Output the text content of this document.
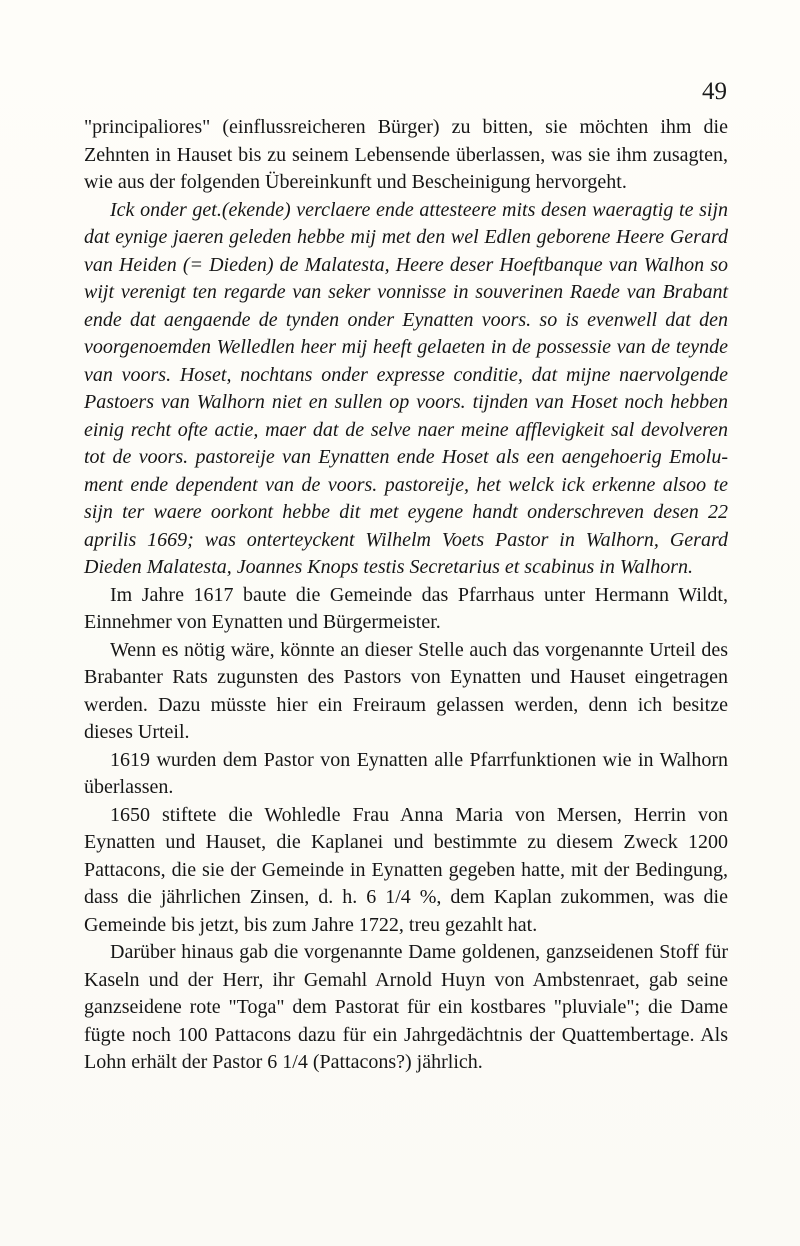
49

"principaliores" (einflussreicheren Bürger) zu bitten, sie möchten ihm die Zehnten in Hauset bis zu seinem Lebensende überlassen, was sie ihm zusagten, wie aus der folgenden Übereinkunft und Bescheinigung hervorgeht.

Ick onder get.(ekende) verclaere ende attesteere mits desen waeragtig te sijn dat eynige jaeren geleden hebbe mij met den wel Edlen geborene Heere Gerard van Heiden (= Dieden) de Malatesta, Heere deser Hoeftbanque van Walhon so wijt verenigt ten regarde van seker vonnisse in souverinen Raede van Brabant ende dat aengaende de tynden onder Eynatten voors. so is evenwell dat den voorgenoemden Welledlen heer mij heeft gelaeten in de possessie van de teynde van voors. Hoset, nochtans onder expresse conditie, dat mijne naervolgende Pastoers van Walhorn niet en sullen op voors. tijnden van Hoset noch hebben einig recht ofte actie, maer dat de selve naer meine afflevigkeit sal devolveren tot de voors. pastoreije van Eynatten ende Hoset als een aengehoerig Emolument ende dependent van de voors. pastoreije, het welck ick erkenne alsoo te sijn ter waere oorkont hebbe dit met eygene handt onderschreven desen 22 aprilis 1669; was onterteyckent Wilhelm Voets Pastor in Walhorn, Gerard Dieden Malatesta, Joannes Knops testis Secretarius et scabinus in Walhorn.

Im Jahre 1617 baute die Gemeinde das Pfarrhaus unter Hermann Wildt, Einnehmer von Eynatten und Bürgermeister.

Wenn es nötig wäre, könnte an dieser Stelle auch das vorgenannte Urteil des Brabanter Rats zugunsten des Pastors von Eynatten und Hauset eingetragen werden. Dazu müsste hier ein Freiraum gelassen werden, denn ich besitze dieses Urteil.

1619 wurden dem Pastor von Eynatten alle Pfarrfunktionen wie in Walhorn überlassen.

1650 stiftete die Wohledle Frau Anna Maria von Mersen, Herrin von Eynatten und Hauset, die Kaplanei und bestimmte zu diesem Zweck 1200 Pattacons, die sie der Gemeinde in Eynatten gegeben hatte, mit der Bedingung, dass die jährlichen Zinsen, d. h. 6 1/4 %, dem Kaplan zukommen, was die Gemeinde bis jetzt, bis zum Jahre 1722, treu gezahlt hat.

Darüber hinaus gab die vorgenannte Dame goldenen, ganzseidenen Stoff für Kaseln und der Herr, ihr Gemahl Arnold Huyn von Ambstenraet, gab seine ganzseidene rote "Toga" dem Pastorat für ein kostbares "pluviale"; die Dame fügte noch 100 Pattacons dazu für ein Jahrgedächtnis der Quattembertage. Als Lohn erhält der Pastor 6 1/4 (Pattacons?) jährlich.
